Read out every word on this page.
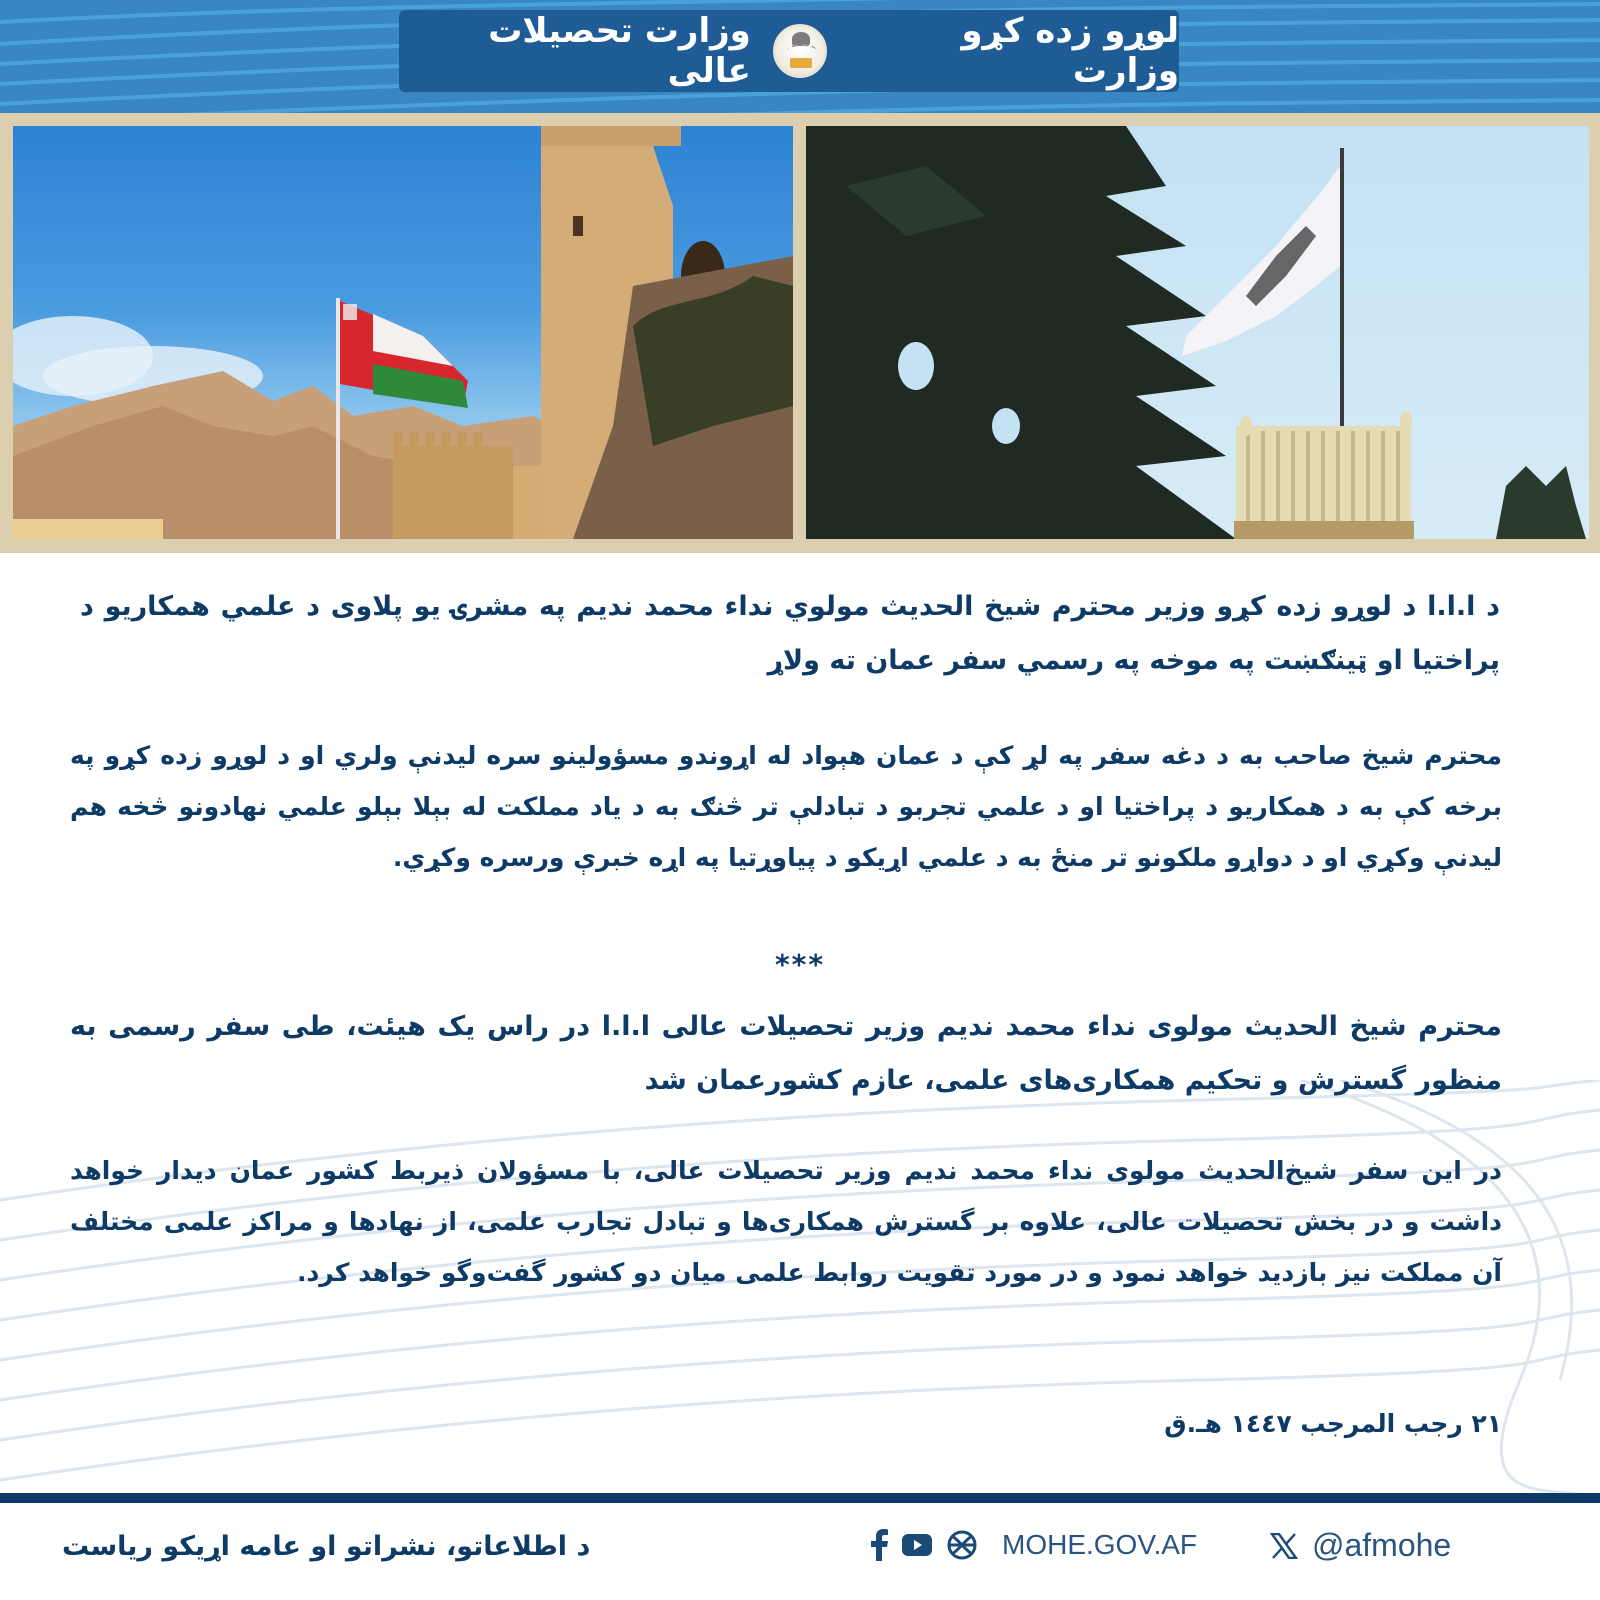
لوړو زده کړو وزارت
وزارت تحصیلات عالی
د ا.ا.ا د لوړو زده کړو وزیر محترم شیخ الحدیث مولوي نداء محمد ندیم په مشرۍ یو پلاوی د علمي همکاریو د پراختیا او ټینګښت په موخه په رسمي سفر عمان ته ولاړ
محترم شیخ صاحب به د دغه سفر په لړ کې د عمان هېواد له اړوندو مسؤولینو سره لیدنې ولري او د لوړو زده کړو په برخه کې به د همکاریو د پراختیا او د علمي تجربو د تبادلې تر څنګ به د یاد مملکت له بېلا بېلو علمي نهادونو څخه هم لیدنې وکړي او د دواړو ملکونو تر منځ به د علمي اړیکو د پیاوړتیا په اړه خبرې ورسره وکړي.
***
محترم شیخ الحدیث مولوی نداء محمد ندیم وزیر تحصیلات عالی ا.ا.ا در راس یک هیئت، طی سفر رسمی به منظور گسترش و تحکیم همکاری‌های علمی، عازم کشورعمان شد
در این سفر شیخ‌الحدیث مولوی نداء محمد ندیم وزیر تحصیلات عالی، با مسؤولان ذیربط کشور عمان دیدار خواهد داشت و در بخش تحصیلات عالی، علاوه بر گسترش همکاری‌ها و تبادل تجارب علمی، از نهادها و مراکز علمی مختلف آن مملکت نیز بازدید خواهد نمود و در مورد تقویت روابط علمی میان دو کشور گفت‌وگو خواهد کرد.
۲۱ رجب المرجب ۱٤٤۷ هـ.ق
د اطلاعاتو، نشراتو او عامه اړیکو ریاست	MOHE.GOV.AF	@afmohe
